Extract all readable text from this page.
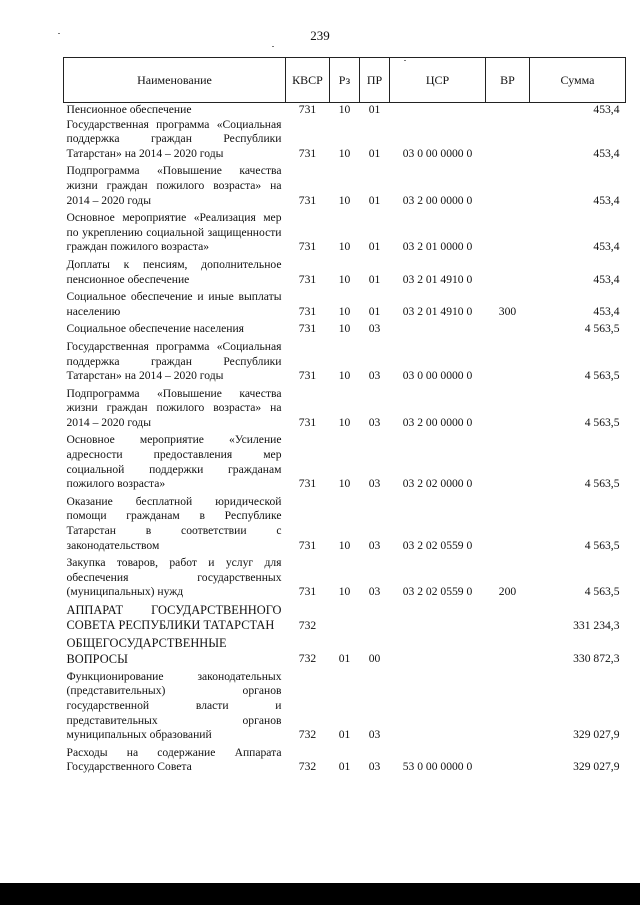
239
Наименование	КВСР	Рз	ПР	ЦСР	ВР	Сумма
Пенсионное обеспечение	731	10	01			453,4
Государственная программа «Социальная поддержка граждан Республики Татарстан» на 2014 – 2020 годы	731	10	01	03 0 00 0000 0		453,4
Подпрограмма «Повышение качества жизни граждан пожилого возраста» на 2014 – 2020 годы	731	10	01	03 2 00 0000 0		453,4
Основное мероприятие «Реализация мер по укреплению социальной защищенности граждан пожилого возраста»	731	10	01	03 2 01 0000 0		453,4
Доплаты к пенсиям, дополнительное пенсионное обеспечение	731	10	01	03 2 01 4910 0		453,4
Социальное обеспечение и иные выплаты населению	731	10	01	03 2 01 4910 0	300	453,4
Социальное обеспечение населения	731	10	03			4 563,5
Государственная программа «Социальная поддержка граждан Республики Татарстан» на 2014 – 2020 годы	731	10	03	03 0 00 0000 0		4 563,5
Подпрограмма «Повышение качества жизни граждан пожилого возраста» на 2014 – 2020 годы	731	10	03	03 2 00 0000 0		4 563,5
Основное мероприятие «Усиление адресности предоставления мер социальной поддержки гражданам пожилого возраста»	731	10	03	03 2 02 0000 0		4 563,5
Оказание бесплатной юридической помощи гражданам в Республике Татарстан в соответствии с законодательством	731	10	03	03 2 02 0559 0		4 563,5
Закупка товаров, работ и услуг для обеспечения государственных (муниципальных) нужд	731	10	03	03 2 02 0559 0	200	4 563,5
АППАРАТ ГОСУДАРСТВЕННОГО СОВЕТА РЕСПУБЛИКИ ТАТАРСТАН	732					331 234,3
ОБЩЕГОСУДАРСТВЕННЫЕ ВОПРОСЫ	732	01	00			330 872,3
Функционирование законодательных (представительных) органов государственной власти и представительных органов муниципальных образований	732	01	03			329 027,9
Расходы на содержание Аппарата Государственного Совета	732	01	03	53 0 00 0000 0		329 027,9
